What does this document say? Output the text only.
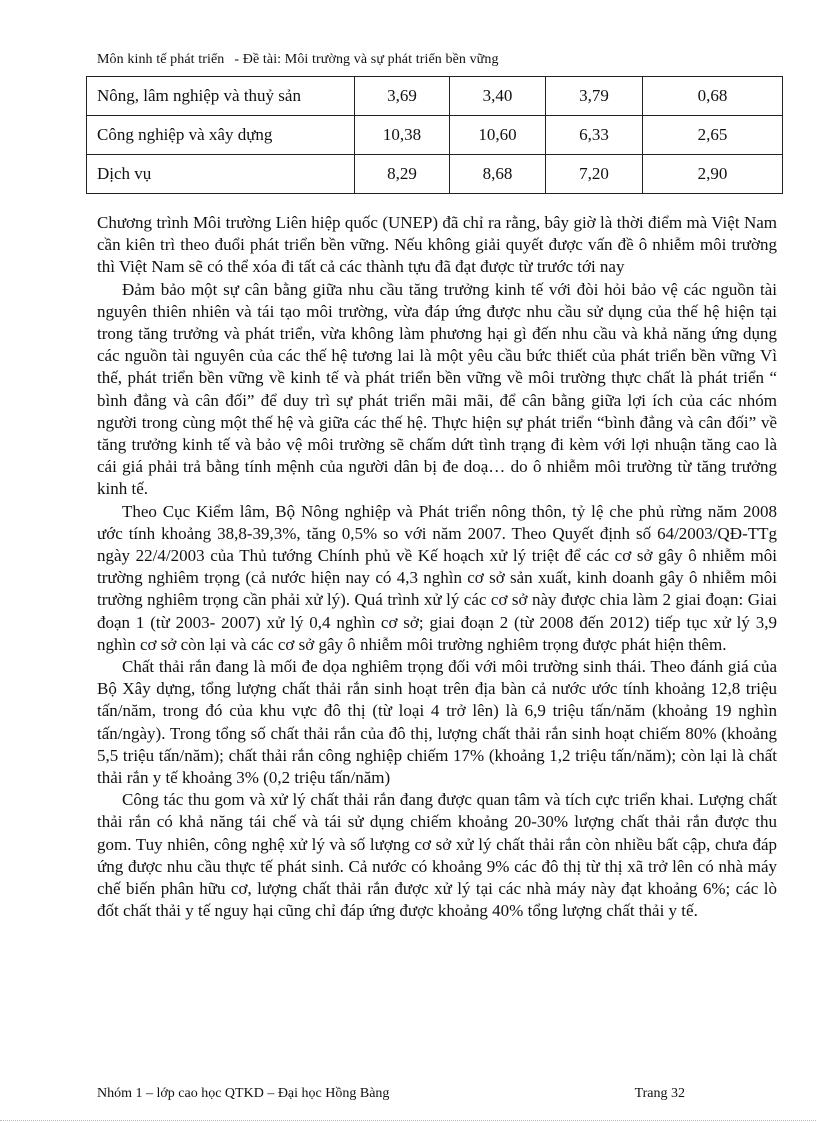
Môn kinh tế phát triển - Đề tài: Môi trường và sự phát triển bền vững
Nông, lâm nghiệp và thuỷ sản	3,69	3,40	3,79	0,68
Công nghiệp và xây dựng	10,38	10,60	6,33	2,65
Dịch vụ	8,29	8,68	7,20	2,90

Chương trình Môi trường Liên hiệp quốc (UNEP) đã chỉ ra rằng, bây giờ là thời điểm mà Việt Nam cần kiên trì theo đuổi phát triển bền vững. Nếu không giải quyết được vấn đề ô nhiễm môi trường thì Việt Nam sẽ có thể xóa đi tất cả các thành tựu đã đạt được từ trước tới nay

Đảm bảo một sự cân bằng giữa nhu cầu tăng trưởng kinh tế với đòi hỏi bảo vệ các nguồn tài nguyên thiên nhiên và tái tạo môi trường, vừa đáp ứng được nhu cầu sử dụng của thế hệ hiện tại trong tăng trưởng và phát triển, vừa không làm phương hại gì đến nhu cầu và khả năng ứng dụng các nguồn tài nguyên của các thế hệ tương lai là một yêu cầu bức thiết của phát triển bền vững Vì thế, phát triển bền vững về kinh tế và phát triển bền vững về môi trường thực chất là phát triển “ bình đẳng và cân đối” để duy trì sự phát triển mãi mãi, để cân bằng giữa lợi ích của các nhóm người trong cùng một thế hệ và giữa các thế hệ. Thực hiện sự phát triển “bình đẳng và cân đối” về tăng trưởng kinh tế và bảo vệ môi trường sẽ chấm dứt tình trạng đi kèm với lợi nhuận tăng cao là cái giá phải trả bằng tính mệnh của người dân bị đe doạ… do ô nhiễm môi trường từ tăng trưởng kinh tế.

Theo Cục Kiểm lâm, Bộ Nông nghiệp và Phát triển nông thôn, tỷ lệ che phủ rừng năm 2008 ước tính khoảng 38,8-39,3%, tăng 0,5% so với năm 2007. Theo Quyết định số 64/2003/QĐ-TTg ngày 22/4/2003 của Thủ tướng Chính phủ về Kế hoạch xử lý triệt để các cơ sở gây ô nhiễm môi trường nghiêm trọng (cả nước hiện nay có 4,3 nghìn cơ sở sản xuất, kinh doanh gây ô nhiễm môi trường nghiêm trọng cần phải xử lý). Quá trình xử lý các cơ sở này được chia làm 2 giai đoạn: Giai đoạn 1 (từ 2003- 2007) xử lý 0,4 nghìn cơ sở; giai đoạn 2 (từ 2008 đến 2012) tiếp tục xử lý 3,9 nghìn cơ sở còn lại và các cơ sở gây ô nhiễm môi trường nghiêm trọng được phát hiện thêm.

Chất thải rắn đang là mối đe dọa nghiêm trọng đối với môi trường sinh thái. Theo đánh giá của Bộ Xây dựng, tổng lượng chất thải rắn sinh hoạt trên địa bàn cả nước ước tính khoảng 12,8 triệu tấn/năm, trong đó của khu vực đô thị (từ loại 4 trở lên) là 6,9 triệu tấn/năm (khoảng 19 nghìn tấn/ngày). Trong tổng số chất thải rắn của đô thị, lượng chất thải rắn sinh hoạt chiếm 80% (khoảng 5,5 triệu tấn/năm); chất thải rắn công nghiệp chiếm 17% (khoảng 1,2 triệu tấn/năm); còn lại là chất thải rắn y tế khoảng 3% (0,2 triệu tấn/năm)

Công tác thu gom và xử lý chất thải rắn đang được quan tâm và tích cực triển khai. Lượng chất thải rắn có khả năng tái chế và tái sử dụng chiếm khoảng 20-30% lượng chất thải rắn được thu gom. Tuy nhiên, công nghệ xử lý và số lượng cơ sở xử lý chất thải rắn còn nhiều bất cập, chưa đáp ứng được nhu cầu thực tế phát sinh. Cả nước có khoảng 9% các đô thị từ thị xã trở lên có nhà máy chế biến phân hữu cơ, lượng chất thải rắn được xử lý tại các nhà máy này đạt khoảng 6%; các lò đốt chất thải y tế nguy hại cũng chỉ đáp ứng được khoảng 40% tổng lượng chất thải y tế.

Nhóm 1 – lớp cao học QTKD – Đại học Hồng Bàng	Trang 32
